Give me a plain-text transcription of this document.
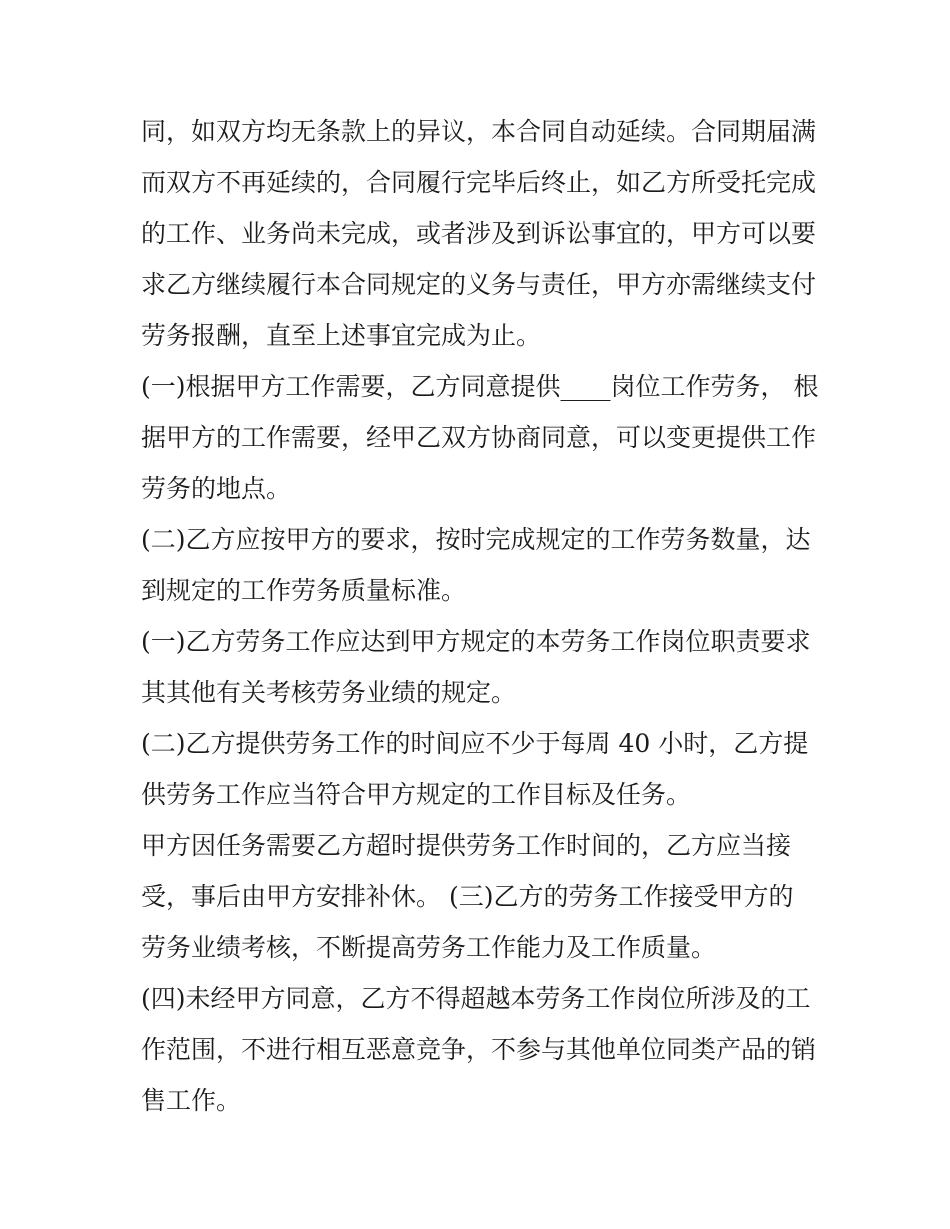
同，如双方均无条款上的异议，本合同自动延续。合同期届满
而双方不再延续的，合同履行完毕后终止，如乙方所受托完成
的工作、业务尚未完成，或者涉及到诉讼事宜的，甲方可以要
求乙方继续履行本合同规定的义务与责任，甲方亦需继续支付
劳务报酬，直至上述事宜完成为止。
(一)根据甲方工作需要，乙方同意提供____岗位工作劳务， 根
据甲方的工作需要，经甲乙双方协商同意，可以变更提供工作
劳务的地点。
(二)乙方应按甲方的要求，按时完成规定的工作劳务数量，达
到规定的工作劳务质量标准。
(一)乙方劳务工作应达到甲方规定的本劳务工作岗位职责要求
其其他有关考核劳务业绩的规定。
(二)乙方提供劳务工作的时间应不少于每周 40 小时，乙方提
供劳务工作应当符合甲方规定的工作目标及任务。
甲方因任务需要乙方超时提供劳务工作时间的，乙方应当接
受，事后由甲方安排补休。 (三)乙方的劳务工作接受甲方的
劳务业绩考核，不断提高劳务工作能力及工作质量。
(四)未经甲方同意，乙方不得超越本劳务工作岗位所涉及的工
作范围，不进行相互恶意竞争，不参与其他单位同类产品的销
售工作。
